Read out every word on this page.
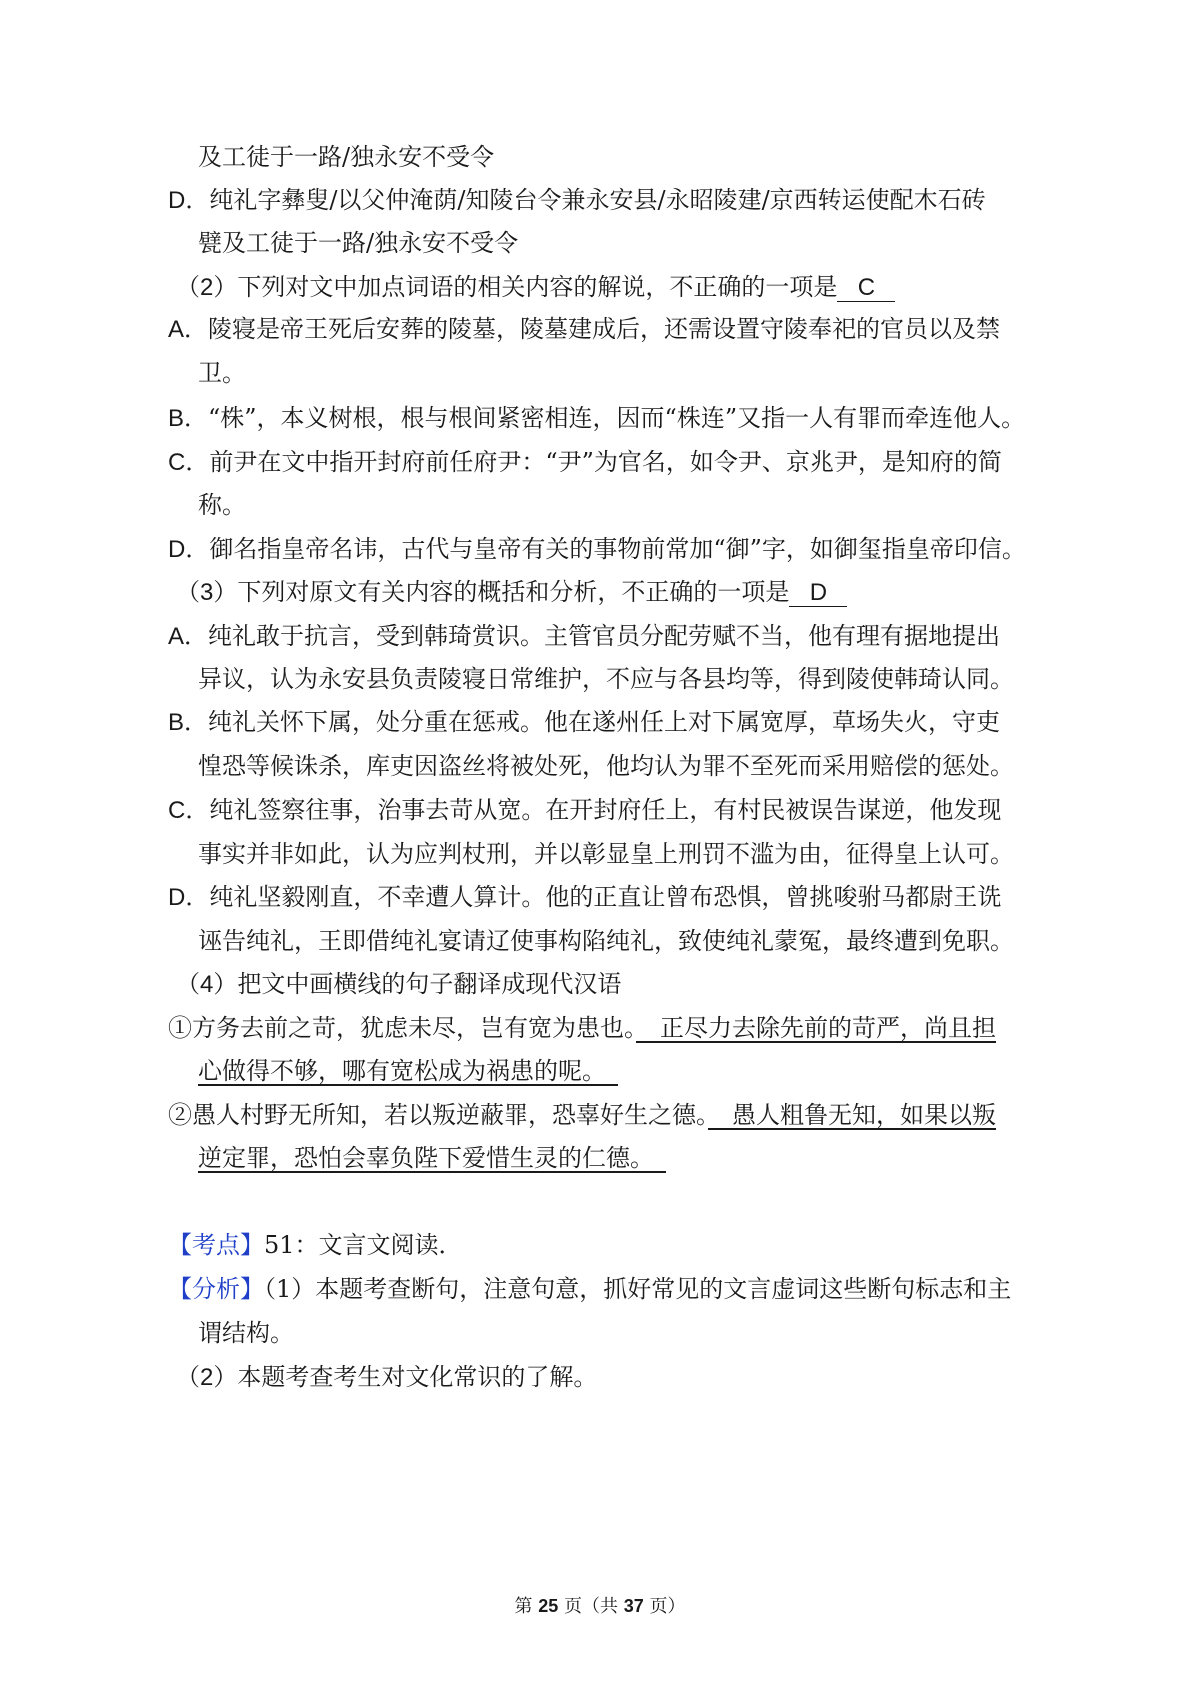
及工徒于一路/独永安不受令
D．纯礼字彝叟/以父仲淹荫/知陵台令兼永安县/永昭陵建/京西转运使配木石砖
甓及工徒于一路/独永安不受令
（2）下列对文中加点词语的相关内容的解说，不正确的一项是 C
A．陵寝是帝王死后安葬的陵墓，陵墓建成后，还需设置守陵奉祀的官员以及禁
卫。
B．“株”，本义树根，根与根间紧密相连，因而“株连”又指一人有罪而牵连他人。
C．前尹在文中指开封府前任府尹：“尹”为官名，如令尹、京兆尹，是知府的简
称。
D．御名指皇帝名讳，古代与皇帝有关的事物前常加“御”字，如御玺指皇帝印信。
（3）下列对原文有关内容的概括和分析，不正确的一项是 D
A．纯礼敢于抗言，受到韩琦赏识。主管官员分配劳赋不当，他有理有据地提出
异议，认为永安县负责陵寝日常维护，不应与各县均等，得到陵使韩琦认同。
B．纯礼关怀下属，处分重在惩戒。他在遂州任上对下属宽厚，草场失火，守吏
惶恐等候诛杀，库吏因盗丝将被处死，他均认为罪不至死而采用赔偿的惩处。
C．纯礼签察往事，治事去苛从宽。在开封府任上，有村民被误告谋逆，他发现
事实并非如此，认为应判杖刑，并以彰显皇上刑罚不滥为由，征得皇上认可。
D．纯礼坚毅刚直，不幸遭人算计。他的正直让曾布恐惧，曾挑唆驸马都尉王诜
诬告纯礼，王即借纯礼宴请辽使事构陷纯礼，致使纯礼蒙冤，最终遭到免职。
（4）把文中画横线的句子翻译成现代汉语
①方务去前之苛，犹虑未尽，岂有宽为患也。　正尽力去除先前的苛严，尚且担
心做得不够，哪有宽松成为祸患的呢。　
②愚人村野无所知，若以叛逆蔽罪，恐辜好生之德。　愚人粗鲁无知，如果以叛
逆定罪，恐怕会辜负陛下爱惜生灵的仁德。　
【考点】51：文言文阅读．
【分析】（1）本题考查断句，注意句意，抓好常见的文言虚词这些断句标志和主
谓结构。
（2）本题考查考生对文化常识的了解。
第 25 页（共 37 页）
